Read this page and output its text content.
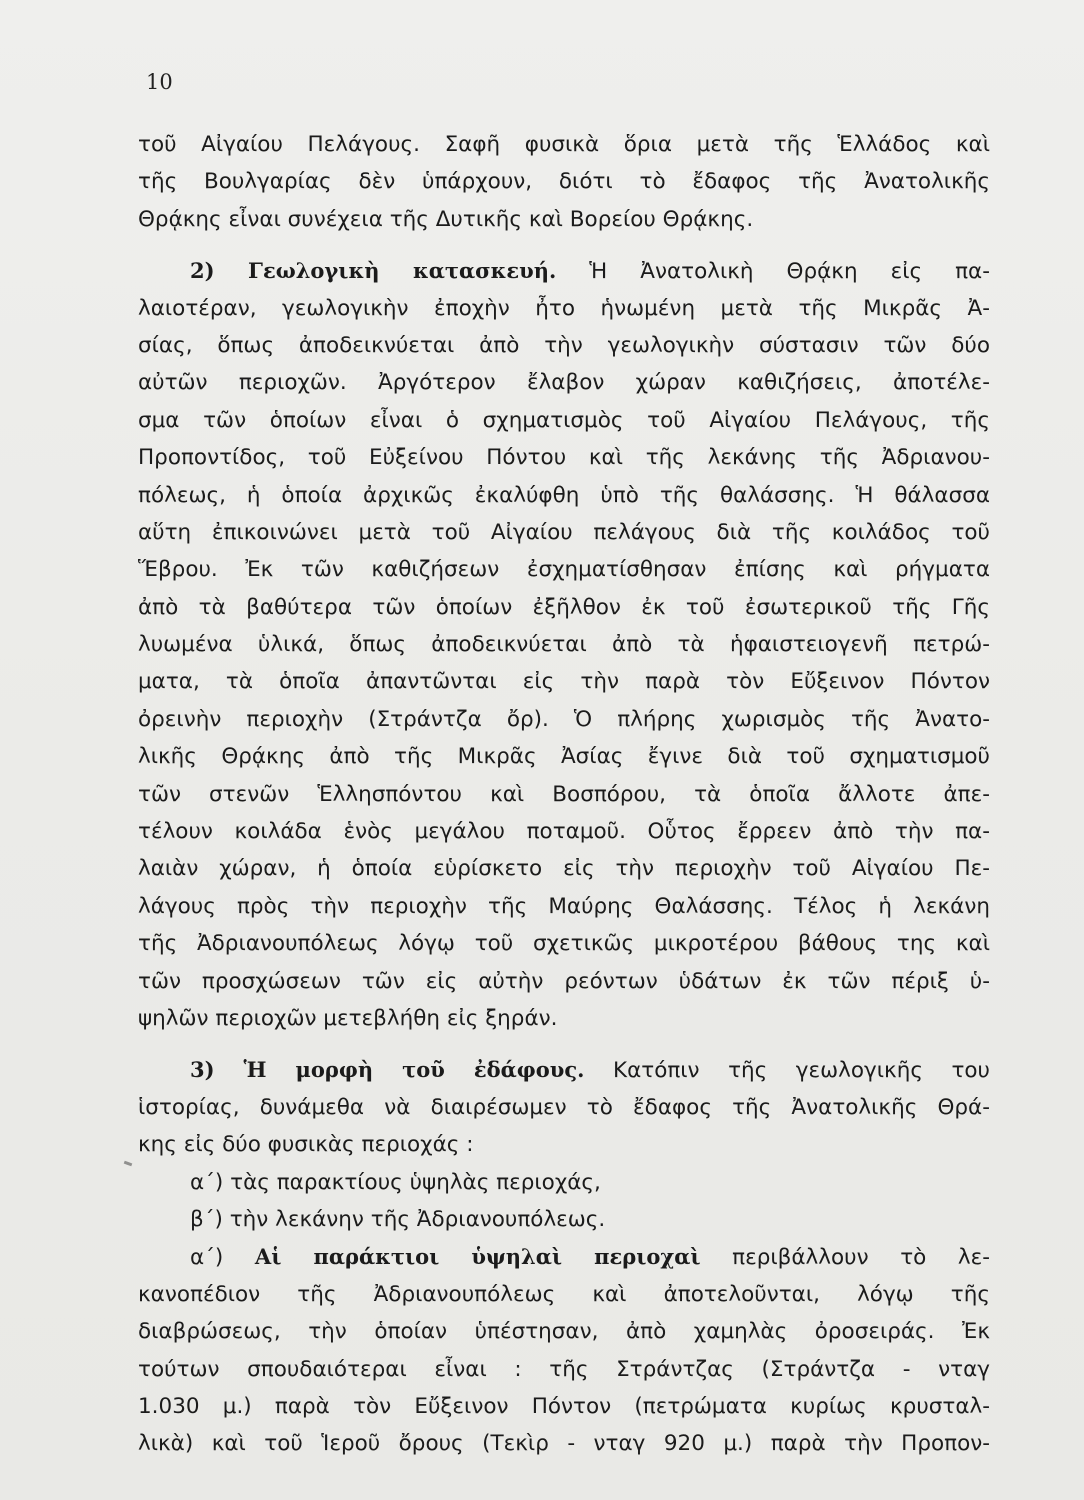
10
τοῦ Αἰγαίου Πελάγους. Σαφῆ φυσικὰ ὅρια μετὰ τῆς Ἑλλάδος καὶ
τῆς Βουλγαρίας δὲν ὑπάρχουν, διότι τὸ ἔδαφος τῆς Ἀνατολικῆς
Θρᾴκης εἶναι συνέχεια τῆς Δυτικῆς καὶ Βορείου Θρᾴκης.
2) Γεωλογικὴ κατασκευή. Ἡ Ἀνατολικὴ Θρᾴκη εἰς πα-
λαιοτέραν, γεωλογικὴν ἐποχὴν ἦτο ἡνωμένη μετὰ τῆς Μικρᾶς Ἀ-
σίας, ὅπως ἀποδεικνύεται ἀπὸ τὴν γεωλογικὴν σύστασιν τῶν δύο
αὐτῶν περιοχῶν. Ἀργότερον ἔλαβον χώραν καθιζήσεις, ἀποτέλε-
σμα τῶν ὁποίων εἶναι ὁ σχηματισμὸς τοῦ Αἰγαίου Πελάγους, τῆς
Προποντίδος, τοῦ Εὐξείνου Πόντου καὶ τῆς λεκάνης τῆς Ἀδριανου-
πόλεως, ἡ ὁποία ἀρχικῶς ἐκαλύφθη ὑπὸ τῆς θαλάσσης. Ἡ θάλασσα
αὕτη ἐπικοινώνει μετὰ τοῦ Αἰγαίου πελάγους διὰ τῆς κοιλάδος τοῦ
Ἕβρου. Ἐκ τῶν καθιζήσεων ἐσχηματίσθησαν ἐπίσης καὶ ρήγματα
ἀπὸ τὰ βαθύτερα τῶν ὁποίων ἐξῆλθον ἐκ τοῦ ἐσωτερικοῦ τῆς Γῆς
λυωμένα ὑλικά, ὅπως ἀποδεικνύεται ἀπὸ τὰ ἡφαιστειογενῆ πετρώ-
ματα, τὰ ὁποῖα ἀπαντῶνται εἰς τὴν παρὰ τὸν Εὔξεινον Πόντον
ὀρεινὴν περιοχὴν (Στράντζα ὄρ). Ὁ πλήρης χωρισμὸς τῆς Ἀνατο-
λικῆς Θρᾴκης ἀπὸ τῆς Μικρᾶς Ἀσίας ἔγινε διὰ τοῦ σχηματισμοῦ
τῶν στενῶν Ἑλλησπόντου καὶ Βοσπόρου, τὰ ὁποῖα ἄλλοτε ἀπε-
τέλουν κοιλάδα ἑνὸς μεγάλου ποταμοῦ. Οὗτος ἔρρεεν ἀπὸ τὴν πα-
λαιὰν χώραν, ἡ ὁποία εὑρίσκετο εἰς τὴν περιοχὴν τοῦ Αἰγαίου Πε-
λάγους πρὸς τὴν περιοχὴν τῆς Μαύρης Θαλάσσης. Τέλος ἡ λεκάνη
τῆς Ἀδριανουπόλεως λόγῳ τοῦ σχετικῶς μικροτέρου βάθους της καὶ
τῶν προσχώσεων τῶν εἰς αὐτὴν ρεόντων ὑδάτων ἐκ τῶν πέριξ ὑ-
ψηλῶν περιοχῶν μετεβλήθη εἰς ξηράν.
3) Ἡ μορφὴ τοῦ ἐδάφους. Κατόπιν τῆς γεωλογικῆς του
ἱστορίας, δυνάμεθα νὰ διαιρέσωμεν τὸ ἔδαφος τῆς Ἀνατολικῆς Θρά-
κης εἰς δύο φυσικὰς περιοχάς :
α΄) τὰς παρακτίους ὑψηλὰς περιοχάς,
β΄) τὴν λεκάνην τῆς Ἀδριανουπόλεως.
α΄) Αἱ παράκτιοι ὑψηλαὶ περιοχαὶ περιβάλλουν τὸ λε-
κανοπέδιον τῆς Ἀδριανουπόλεως καὶ ἀποτελοῦνται, λόγῳ τῆς
διαβρώσεως, τὴν ὁποίαν ὑπέστησαν, ἀπὸ χαμηλὰς ὀροσειράς. Ἐκ
τούτων σπουδαιότεραι εἶναι : τῆς Στράντζας (Στράντζα - νταγ
1.030 μ.) παρὰ τὸν Εὔξεινον Πόντον (πετρώματα κυρίως κρυσταλ-
λικὰ) καὶ τοῦ Ἱεροῦ ὄρους (Τεκὶρ - νταγ 920 μ.) παρὰ τὴν Προπον-
